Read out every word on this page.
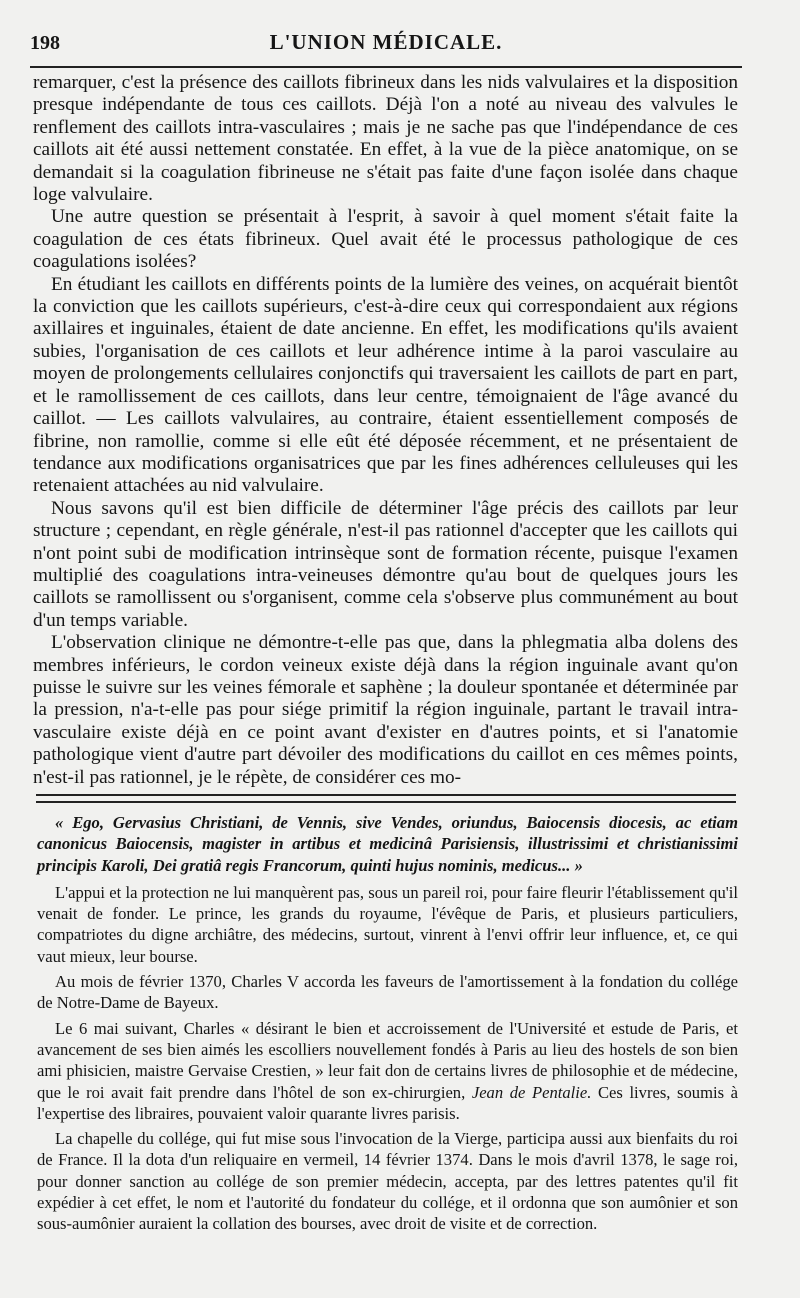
198	L'UNION MÉDICALE.

remarquer, c'est la présence des caillots fibrineux dans les nids valvulaires et la disposition presque indépendante de tous ces caillots. Déjà l'on a noté au niveau des valvules le renflement des caillots intra-vasculaires ; mais je ne sache pas que l'indépendance de ces caillots ait été aussi nettement constatée. En effet, à la vue de la pièce anatomique, on se demandait si la coagulation fibrineuse ne s'était pas faite d'une façon isolée dans chaque loge valvulaire.

Une autre question se présentait à l'esprit, à savoir à quel moment s'était faite la coagulation de ces états fibrineux. Quel avait été le processus pathologique de ces coagulations isolées?

En étudiant les caillots en différents points de la lumière des veines, on acquérait bientôt la conviction que les caillots supérieurs, c'est-à-dire ceux qui correspondaient aux régions axillaires et inguinales, étaient de date ancienne. En effet, les modifications qu'ils avaient subies, l'organisation de ces caillots et leur adhérence intime à la paroi vasculaire au moyen de prolongements cellulaires conjonctifs qui traversaient les caillots de part en part, et le ramollissement de ces caillots, dans leur centre, témoignaient de l'âge avancé du caillot. — Les caillots valvulaires, au contraire, étaient essentiellement composés de fibrine, non ramollie, comme si elle eût été déposée récemment, et ne présentaient de tendance aux modifications organisatrices que par les fines adhérences celluleuses qui les retenaient attachées au nid valvulaire.

Nous savons qu'il est bien difficile de déterminer l'âge précis des caillots par leur structure ; cependant, en règle générale, n'est-il pas rationnel d'accepter que les caillots qui n'ont point subi de modification intrinsèque sont de formation récente, puisque l'examen multiplié des coagulations intra-veineuses démontre qu'au bout de quelques jours les caillots se ramollissent ou s'organisent, comme cela s'observe plus communément au bout d'un temps variable.

L'observation clinique ne démontre-t-elle pas que, dans la phlegmatia alba dolens des membres inférieurs, le cordon veineux existe déjà dans la région inguinale avant qu'on puisse le suivre sur les veines fémorale et saphène ; la douleur spontanée et déterminée par la pression, n'a-t-elle pas pour siége primitif la région inguinale, partant le travail intra-vasculaire existe déjà en ce point avant d'exister en d'autres points, et si l'anatomie pathologique vient d'autre part dévoiler des modifications du caillot en ces mêmes points, n'est-il pas rationnel, je le répète, de considérer ces mo-

« Ego, Gervasius Christiani, de Vennis, sive Vendes, oriundus, Baiocensis diocesis, ac etiam canonicus Baiocensis, magister in artibus et medicinâ Parisiensis, illustrissimi et christianissimi principis Karoli, Dei gratiâ regis Francorum, quinti hujus nominis, medicus... »

L'appui et la protection ne lui manquèrent pas, sous un pareil roi, pour faire fleurir l'établissement qu'il venait de fonder. Le prince, les grands du royaume, l'évêque de Paris, et plusieurs particuliers, compatriotes du digne archiâtre, des médecins, surtout, vinrent à l'envi offrir leur influence, et, ce qui vaut mieux, leur bourse.

Au mois de février 1370, Charles V accorda les faveurs de l'amortissement à la fondation du collége de Notre-Dame de Bayeux.

Le 6 mai suivant, Charles « désirant le bien et accroissement de l'Université et estude de Paris, et avancement de ses bien aimés les escolliers nouvellement fondés à Paris au lieu des hostels de son bien ami phisicien, maistre Gervaise Crestien, » leur fait don de certains livres de philosophie et de médecine, que le roi avait fait prendre dans l'hôtel de son ex-chirurgien, Jean de Pentalie. Ces livres, soumis à l'expertise des libraires, pouvaient valoir quarante livres parisis.

La chapelle du collége, qui fut mise sous l'invocation de la Vierge, participa aussi aux bienfaits du roi de France. Il la dota d'un reliquaire en vermeil, 14 février 1374. Dans le mois d'avril 1378, le sage roi, pour donner sanction au collége de son premier médecin, accepta, par des lettres patentes qu'il fit expédier à cet effet, le nom et l'autorité du fondateur du collége, et il ordonna que son aumônier et son sous-aumônier auraient la collation des bourses, avec droit de visite et de correction.
